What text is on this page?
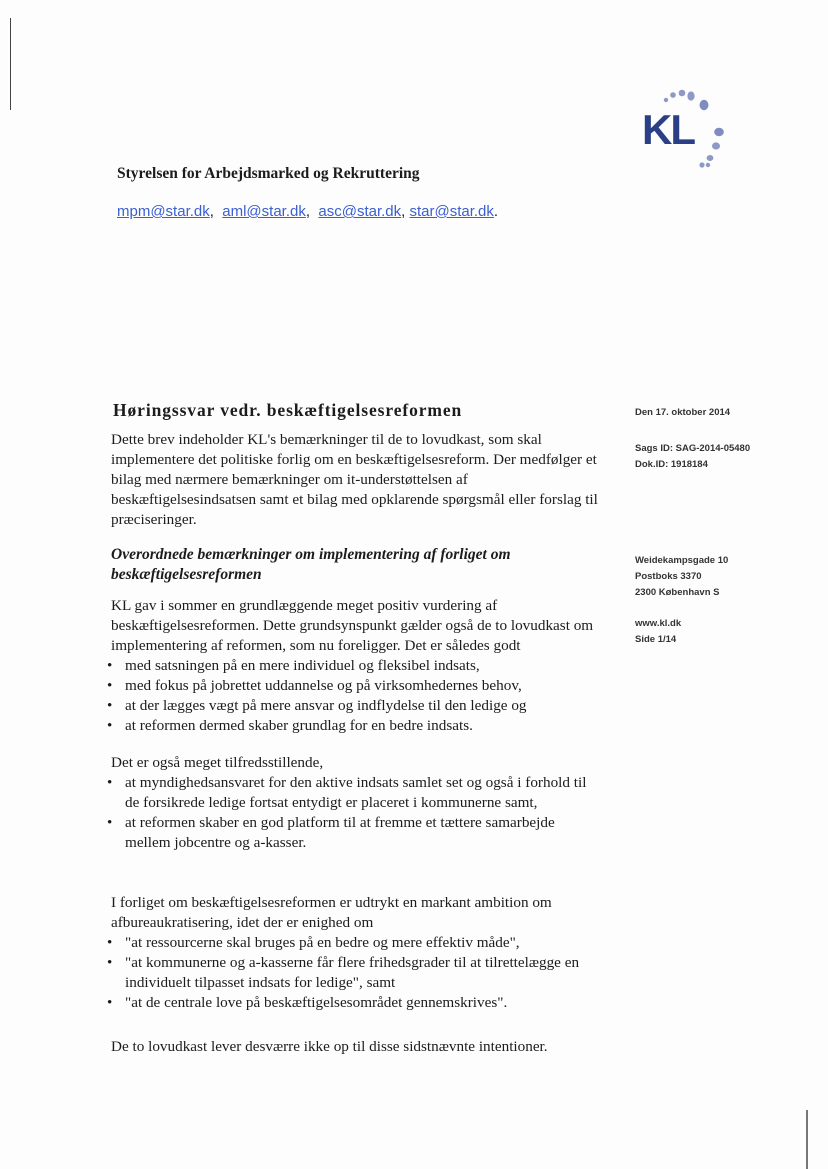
KL
Styrelsen for Arbejdsmarked og Rekruttering
mpm@star.dk,  aml@star.dk,  asc@star.dk, star@star.dk.
Høringssvar vedr. beskæftigelsesreformen	Den 17. oktober 2014
Sags ID: SAG-2014-05480
Dok.ID: 1918184
Weidekampsgade 10
Postboks 3370
2300 København S
www.kl.dk
Side 1/14

Dette brev indeholder KL's bemærkninger til de to lovudkast, som skal implementere det politiske forlig om en beskæftigelsesreform. Der medfølger et bilag med nærmere bemærkninger om it-understøttelsen af beskæftigelsesindsatsen samt et bilag med opklarende spørgsmål eller forslag til præciseringer.

Overordnede bemærkninger om implementering af forliget om beskæftigelsesreformen

KL gav i sommer en grundlæggende meget positiv vurdering af beskæftigelsesreformen. Dette grundsynspunkt gælder også de to lovudkast om implementering af reformen, som nu foreligger. Det er således godt

• med satsningen på en mere individuel og fleksibel indsats,
• med fokus på jobrettet uddannelse og på virksomhedernes behov,
• at der lægges vægt på mere ansvar og indflydelse til den ledige og
• at reformen dermed skaber grundlag for en bedre indsats.

Det er også meget tilfredsstillende,

• at myndighedsansvaret for den aktive indsats samlet set og også i forhold til de forsikrede ledige fortsat entydigt er placeret i kommunerne samt,
• at reformen skaber en god platform til at fremme et tættere samarbejde mellem jobcentre og a-kasser.

I forliget om beskæftigelsesreformen er udtrykt en markant ambition om afbureaukratisering, idet der er enighed om

• "at ressourcerne skal bruges på en bedre og mere effektiv måde",
• "at kommunerne og a-kasserne får flere frihedsgrader til at tilrettelægge en individuelt tilpasset indsats for ledige", samt
• "at de centrale love på beskæftigelsesområdet gennemskrives".

De to lovudkast lever desværre ikke op til disse sidstnævnte intentioner.
